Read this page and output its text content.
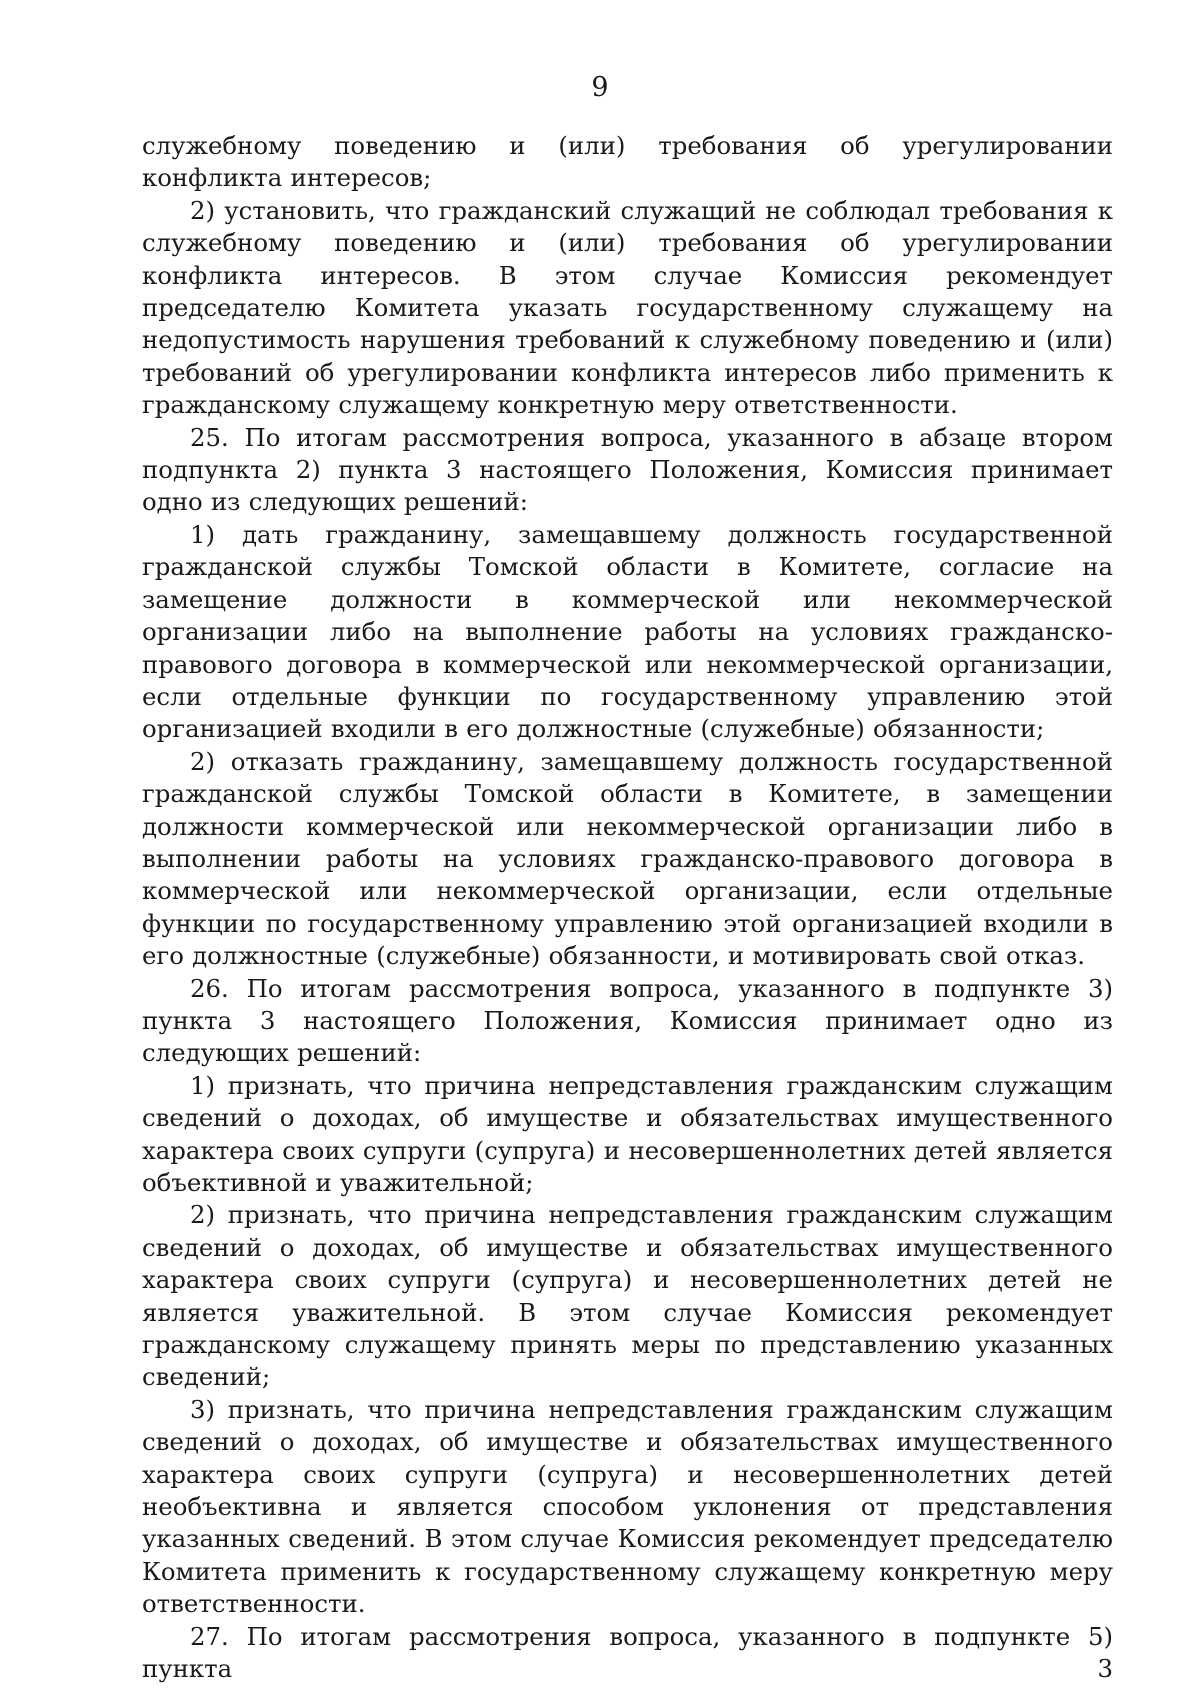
9

служебному поведению и (или) требования об урегулировании конфликта интересов;

2) установить, что гражданский служащий не соблюдал требования к служебному поведению и (или) требования об урегулировании конфликта интересов. В этом случае Комиссия рекомендует председателю Комитета указать государственному служащему на недопустимость нарушения требований к служебному поведению и (или) требований об урегулировании конфликта интересов либо применить к гражданскому служащему конкретную меру ответственности.

25. По итогам рассмотрения вопроса, указанного в абзаце втором подпункта 2) пункта 3 настоящего Положения, Комиссия принимает одно из следующих решений:

1) дать гражданину, замещавшему должность государственной гражданской службы Томской области в Комитете, согласие на замещение должности в коммерческой или некоммерческой организации либо на выполнение работы на условиях гражданско-правового договора в коммерческой или некоммерческой организации, если отдельные функции по государственному управлению этой организацией входили в его должностные (служебные) обязанности;

2) отказать гражданину, замещавшему должность государственной гражданской службы Томской области в Комитете, в замещении должности коммерческой или некоммерческой организации либо в выполнении работы на условиях гражданско-правового договора в коммерческой или некоммерческой организации, если отдельные функции по государственному управлению этой организацией входили в его должностные (служебные) обязанности, и мотивировать свой отказ.

26. По итогам рассмотрения вопроса, указанного в подпункте 3) пункта 3 настоящего Положения, Комиссия принимает одно из следующих решений:

1) признать, что причина непредставления гражданским служащим сведений о доходах, об имуществе и обязательствах имущественного характера своих супруги (супруга) и несовершеннолетних детей является объективной и уважительной;

2) признать, что причина непредставления гражданским служащим сведений о доходах, об имуществе и обязательствах имущественного характера своих супруги (супруга) и несовершеннолетних детей не является уважительной. В этом случае Комиссия рекомендует гражданскому служащему принять меры по представлению указанных сведений;

3) признать, что причина непредставления гражданским служащим сведений о доходах, об имуществе и обязательствах имущественного характера своих супруги (супруга) и несовершеннолетних детей необъективна и является способом уклонения от представления указанных сведений. В этом случае Комиссия рекомендует председателю Комитета применить к государственному служащему конкретную меру ответственности.

27. По итогам рассмотрения вопроса, указанного в подпункте 5) пункта 3
